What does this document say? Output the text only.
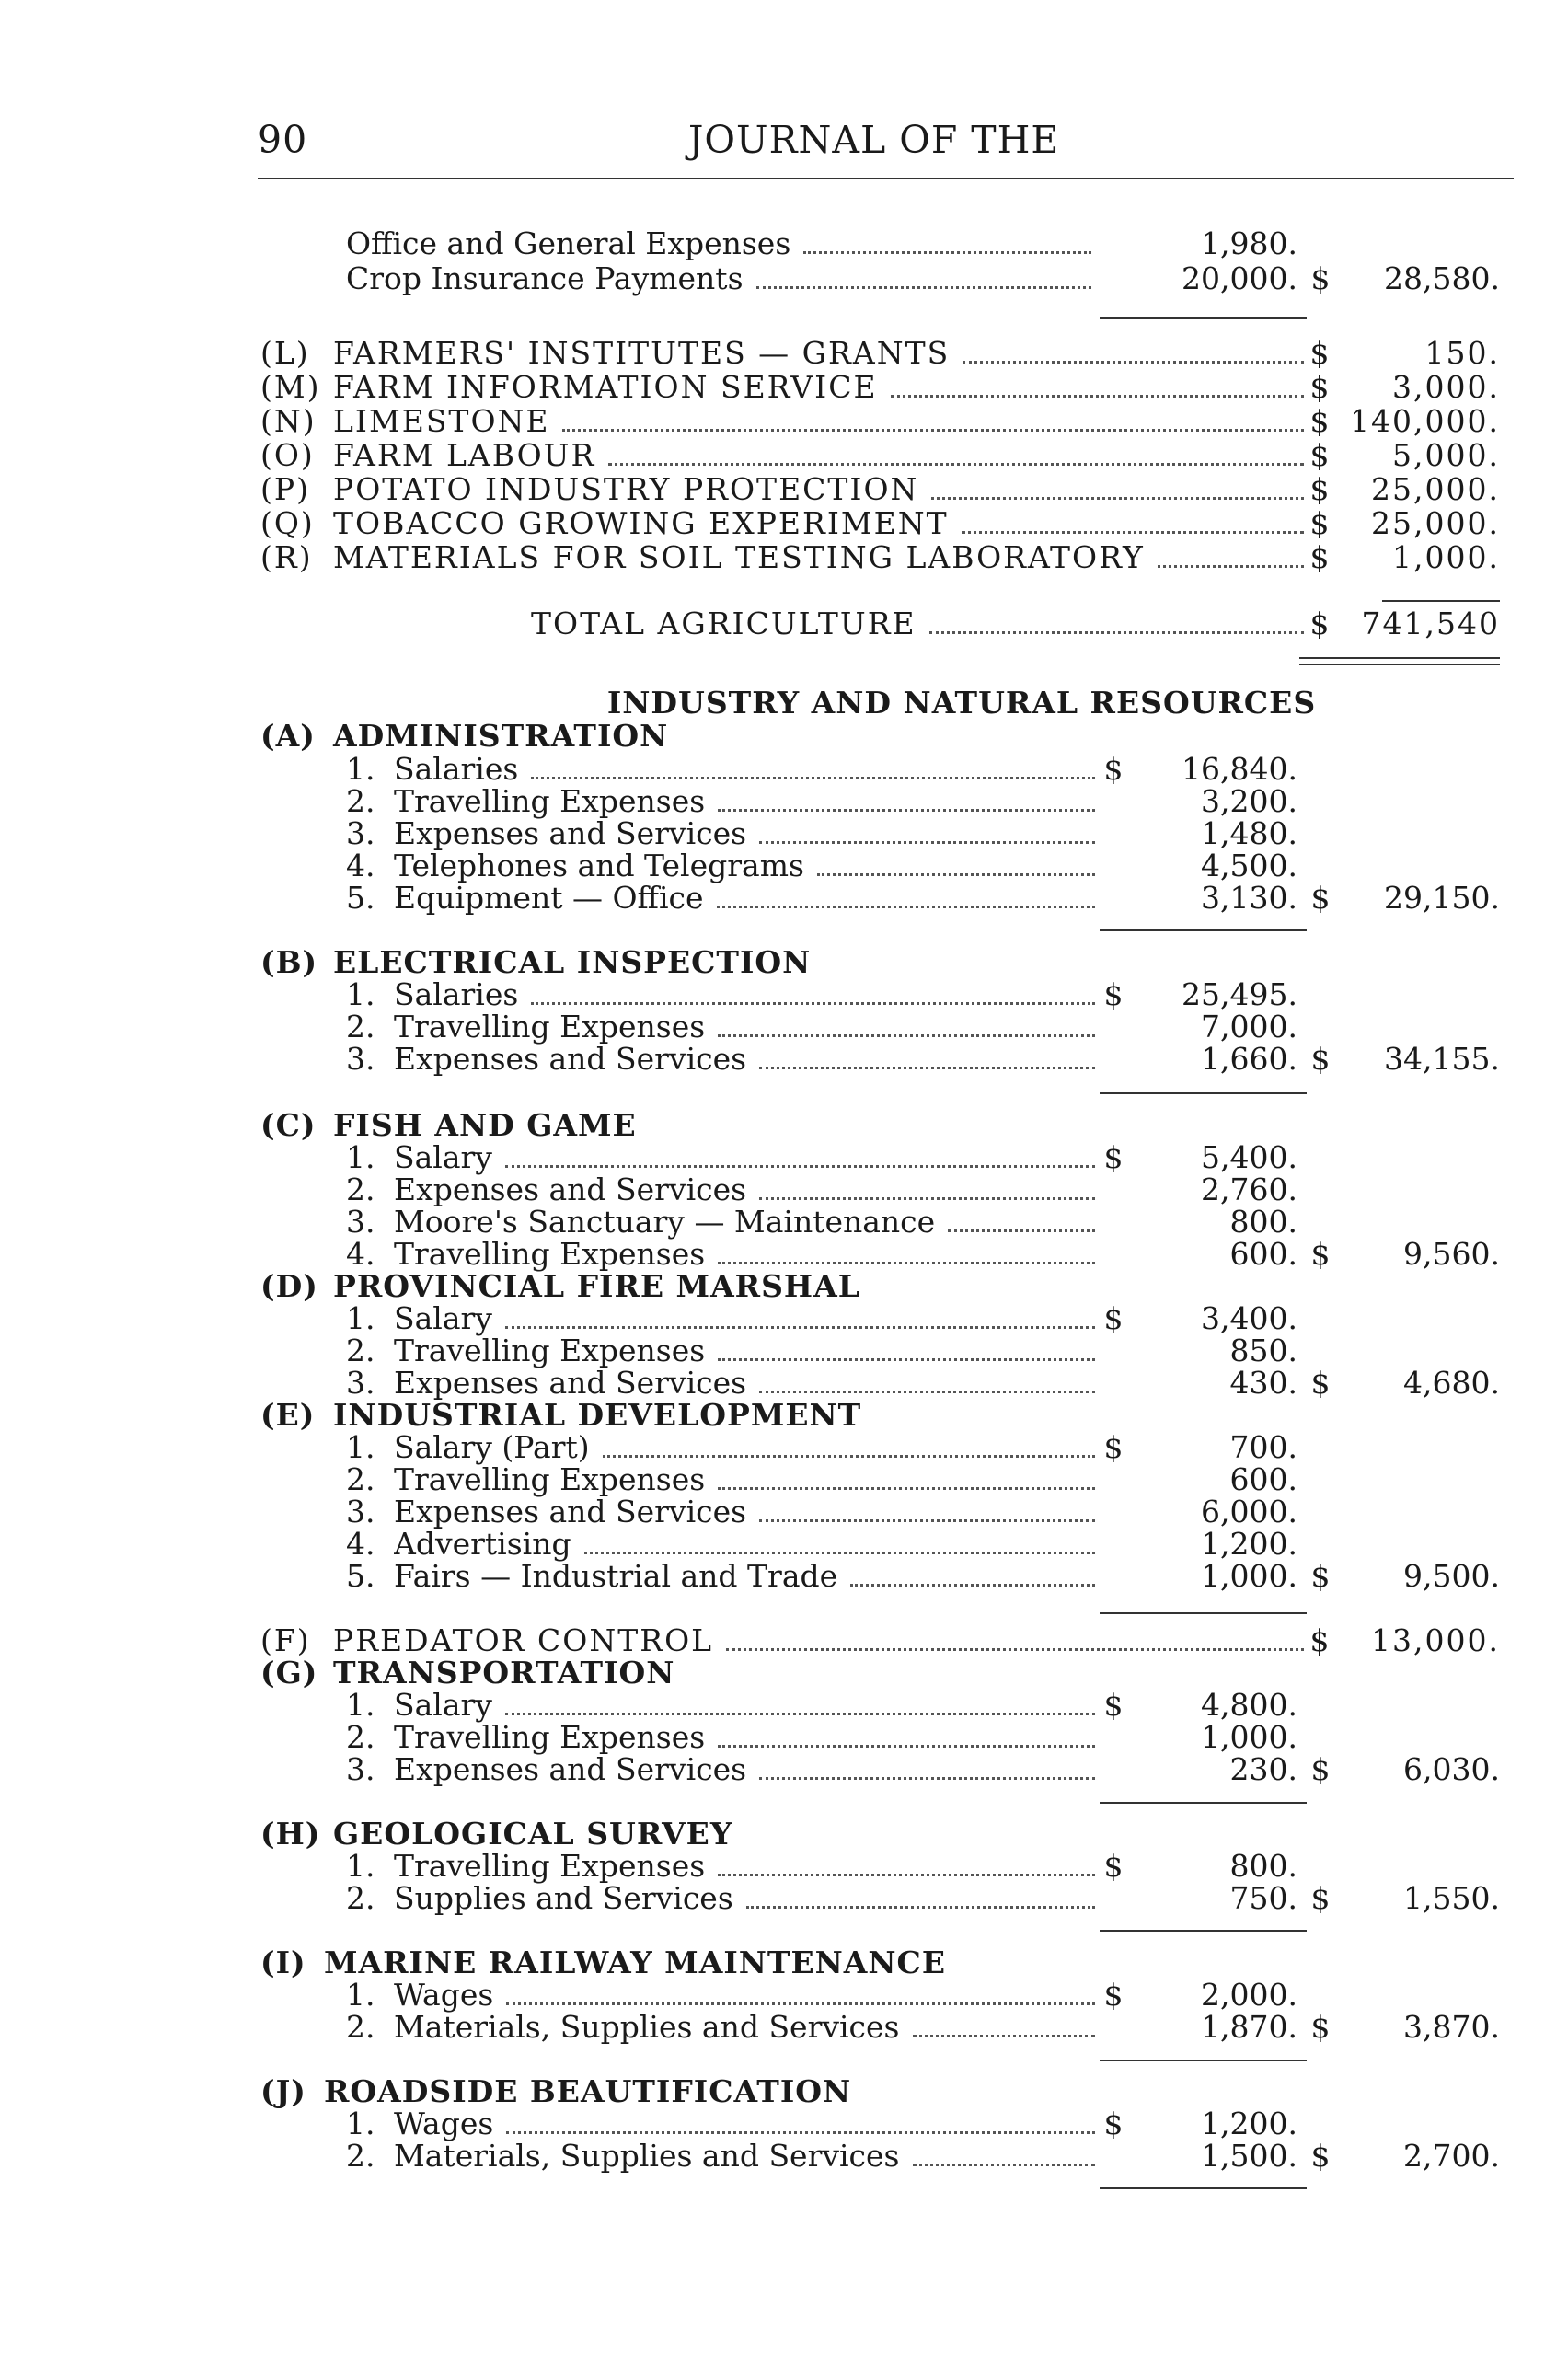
90	JOURNAL OF THE
Office and General Expenses	1,980.
Crop Insurance Payments	20,000. $	28,580.
(L) FARMERS' INSTITUTES — GRANTS	$	150.
(M) FARM INFORMATION SERVICE	$	3,000.
(N) LIMESTONE	$ 140,000.
(O) FARM LABOUR	$	5,000.
(P) POTATO INDUSTRY PROTECTION	$	25,000.
(Q) TOBACCO GROWING EXPERIMENT	$	25,000.
(R) MATERIALS FOR SOIL TESTING LABORATORY	$	1,000.
TOTAL AGRICULTURE	$	741,540
INDUSTRY AND NATURAL RESOURCES
(A) ADMINISTRATION
1. Salaries	$	16,840.
2. Travelling Expenses	3,200.
3. Expenses and Services	1,480.
4. Telephones and Telegrams	4,500.
5. Equipment — Office	3,130. $	29,150.
(B) ELECTRICAL INSPECTION
1. Salaries	$	25,495.
2. Travelling Expenses	7,000.
3. Expenses and Services	1,660. $	34,155.
(C) FISH AND GAME
1. Salary	$	5,400.
2. Expenses and Services	2,760.
3. Moore's Sanctuary — Maintenance	800.
4. Travelling Expenses	600. $	9,560.
(D) PROVINCIAL FIRE MARSHAL
1. Salary	$	3,400.
2. Travelling Expenses	850.
3. Expenses and Services	430. $	4,680.
(E) INDUSTRIAL DEVELOPMENT
1. Salary (Part)	$	700.
2. Travelling Expenses	600.
3. Expenses and Services	6,000.
4. Advertising	1,200.
5. Fairs — Industrial and Trade	1,000. $	9,500.
(F) PREDATOR CONTROL	$	13,000.
(G) TRANSPORTATION
1. Salary	$	4,800.
2. Travelling Expenses	1,000.
3. Expenses and Services	230. $	6,030.
(H) GEOLOGICAL SURVEY
1. Travelling Expenses	$	800.
2. Supplies and Services	750. $	1,550.
(I) MARINE RAILWAY MAINTENANCE
1. Wages	$	2,000.
2. Materials, Supplies and Services	1,870. $	3,870.
(J) ROADSIDE BEAUTIFICATION
1. Wages	$	1,200.
2. Materials, Supplies and Services	1,500. $	2,700.
